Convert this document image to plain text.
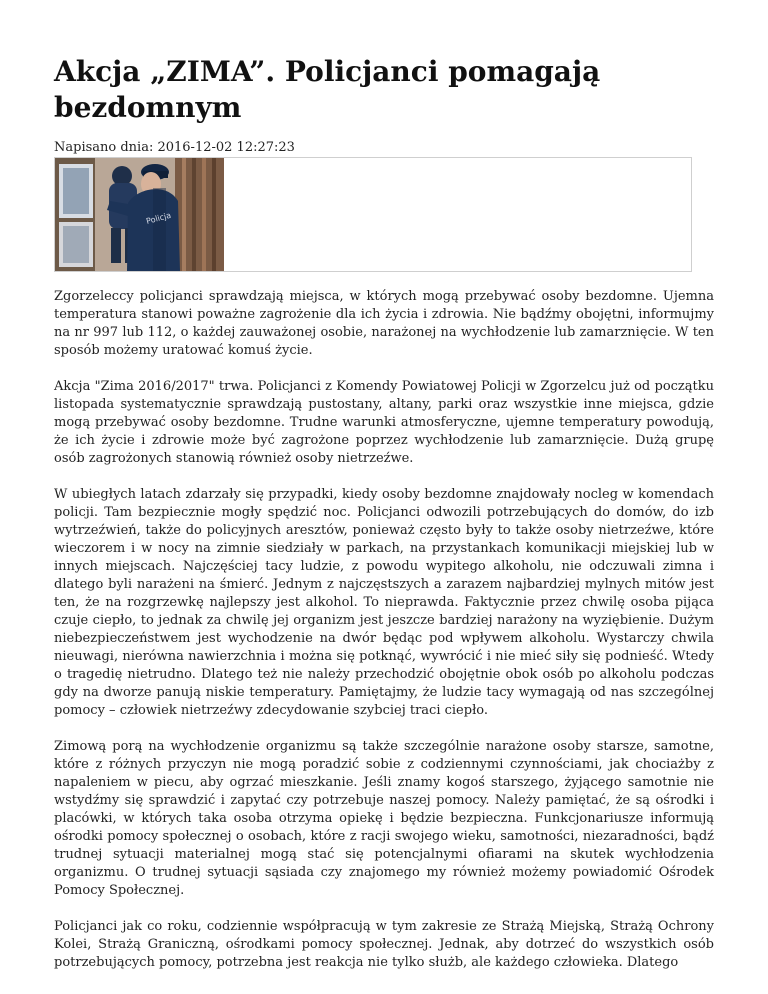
Akcja „ZIMA”. Policjanci pomagają bezdomnym
Napisano dnia: 2016-12-02 12:27:23
Policja

Zgorzeleccy policjanci sprawdzają miejsca, w których mogą przebywać osoby bezdomne. Ujemna temperatura stanowi poważne zagrożenie dla ich życia i zdrowia. Nie bądźmy obojętni, informujmy na nr 997 lub 112, o każdej zauważonej osobie, narażonej na wychłodzenie lub zamarznięcie. W ten sposób możemy uratować komuś życie.

Akcja "Zima 2016/2017" trwa. Policjanci z Komendy Powiatowej Policji w Zgorzelcu już od początku listopada systematycznie sprawdzają pustostany, altany, parki oraz wszystkie inne miejsca, gdzie mogą przebywać osoby bezdomne. Trudne warunki atmosferyczne, ujemne temperatury powodują, że ich życie i zdrowie może być zagrożone poprzez wychłodzenie lub zamarznięcie. Dużą grupę osób zagrożonych stanowią również osoby nietrzeźwe.

W ubiegłych latach zdarzały się przypadki, kiedy osoby bezdomne znajdowały nocleg w komendach policji. Tam bezpiecznie mogły spędzić noc. Policjanci odwozili potrzebujących do domów, do izb wytrzeźwień, także do policyjnych aresztów, ponieważ często były to także osoby nietrzeźwe, które wieczorem i w nocy na zimnie siedziały w parkach, na przystankach komunikacji miejskiej lub w innych miejscach. Najczęściej tacy ludzie, z powodu wypitego alkoholu, nie odczuwali zimna i dlatego byli narażeni na śmierć. Jednym z najczęstszych a zarazem najbardziej mylnych mitów jest ten, że na rozgrzewkę najlepszy jest alkohol. To nieprawda. Faktycznie przez chwilę osoba pijąca czuje ciepło, to jednak za chwilę jej organizm jest jeszcze bardziej narażony na wyziębienie. Dużym niebezpieczeństwem jest wychodzenie na dwór będąc pod wpływem alkoholu. Wystarczy chwila nieuwagi, nierówna nawierzchnia i można się potknąć, wywrócić i nie mieć siły się podnieść. Wtedy o tragedię nietrudno. Dlatego też nie należy przechodzić obojętnie obok osób po alkoholu podczas gdy na dworze panują niskie temperatury. Pamiętajmy, że ludzie tacy wymagają od nas szczególnej pomocy – człowiek nietrzeźwy zdecydowanie szybciej traci ciepło.

Zimową porą na wychłodzenie organizmu są także szczególnie narażone osoby starsze, samotne, które z różnych przyczyn nie mogą poradzić sobie z codziennymi czynnościami, jak chociażby z napaleniem w piecu, aby ogrzać mieszkanie. Jeśli znamy kogoś starszego, żyjącego samotnie nie wstydźmy się sprawdzić i zapytać czy potrzebuje naszej pomocy. Należy pamiętać, że są ośrodki i placówki, w których taka osoba otrzyma opiekę i będzie bezpieczna. Funkcjonariusze informują ośrodki pomocy społecznej o osobach, które z racji swojego wieku, samotności, niezaradności, bądź trudnej sytuacji materialnej mogą stać się potencjalnymi ofiarami na skutek wychłodzenia organizmu. O trudnej sytuacji sąsiada czy znajomego my również możemy powiadomić Ośrodek Pomocy Społecznej.

Policjanci jak co roku, codziennie współpracują w tym zakresie ze Strażą Miejską, Strażą Ochrony Kolei, Strażą Graniczną, ośrodkami pomocy społecznej. Jednak, aby dotrzeć do wszystkich osób potrzebujących pomocy, potrzebna jest reakcja nie tylko służb, ale każdego człowieka. Dlatego
